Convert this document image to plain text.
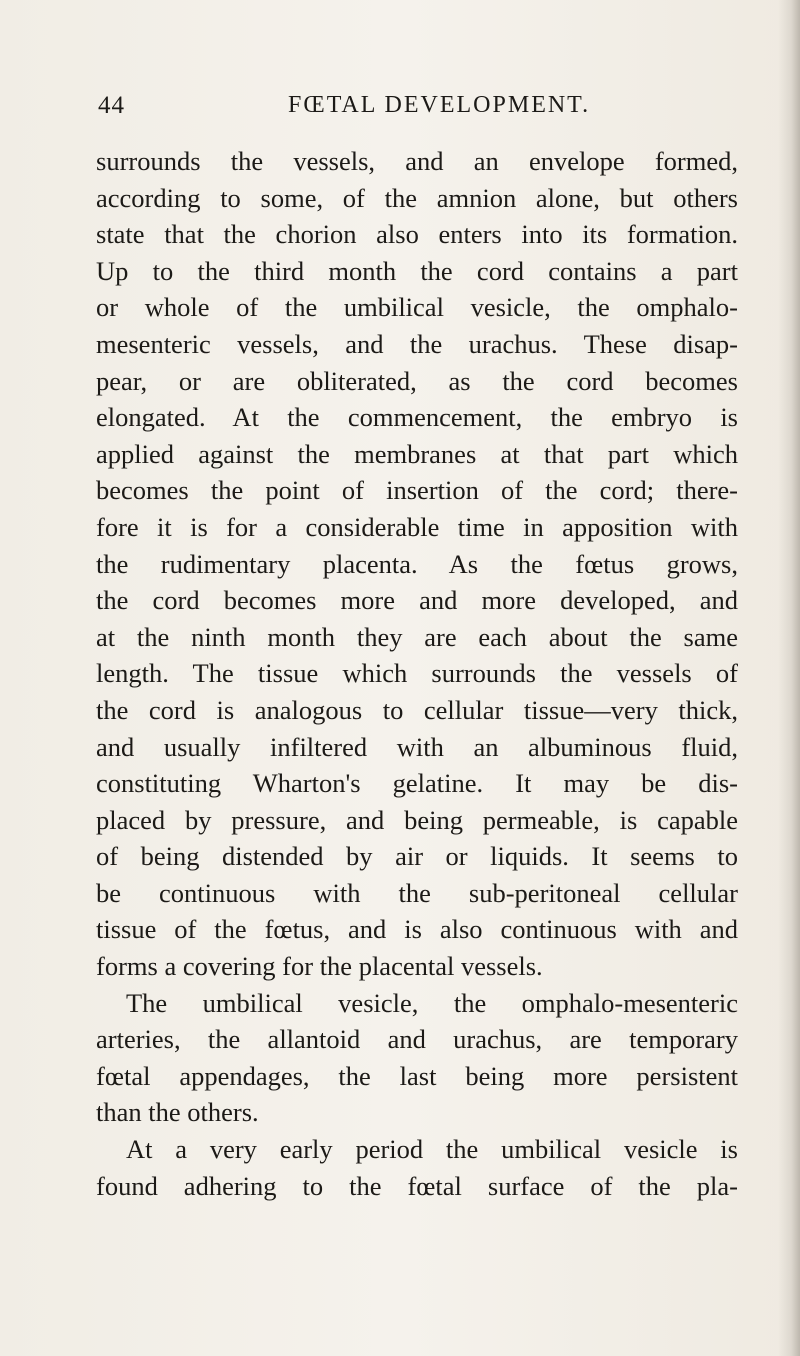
44	FŒTAL DEVELOPMENT.
surrounds the vessels, and an envelope formed,
according to some, of the amnion alone, but others
state that the chorion also enters into its formation.
Up to the third month the cord contains a part
or whole of the umbilical vesicle, the omphalo-
mesenteric vessels, and the urachus. These disap-
pear, or are obliterated, as the cord becomes
elongated. At the commencement, the embryo is
applied against the membranes at that part which
becomes the point of insertion of the cord; there-
fore it is for a considerable time in apposition with
the rudimentary placenta. As the fœtus grows,
the cord becomes more and more developed, and
at the ninth month they are each about the same
length. The tissue which surrounds the vessels of
the cord is analogous to cellular tissue—very thick,
and usually infiltered with an albuminous fluid,
constituting Wharton's gelatine. It may be dis-
placed by pressure, and being permeable, is capable
of being distended by air or liquids. It seems to
be continuous with the sub-peritoneal cellular
tissue of the fœtus, and is also continuous with and
forms a covering for the placental vessels.
The umbilical vesicle, the omphalo-mesenteric
arteries, the allantoid and urachus, are temporary
fœtal appendages, the last being more persistent
than the others.
At a very early period the umbilical vesicle is
found adhering to the fœtal surface of the pla-
